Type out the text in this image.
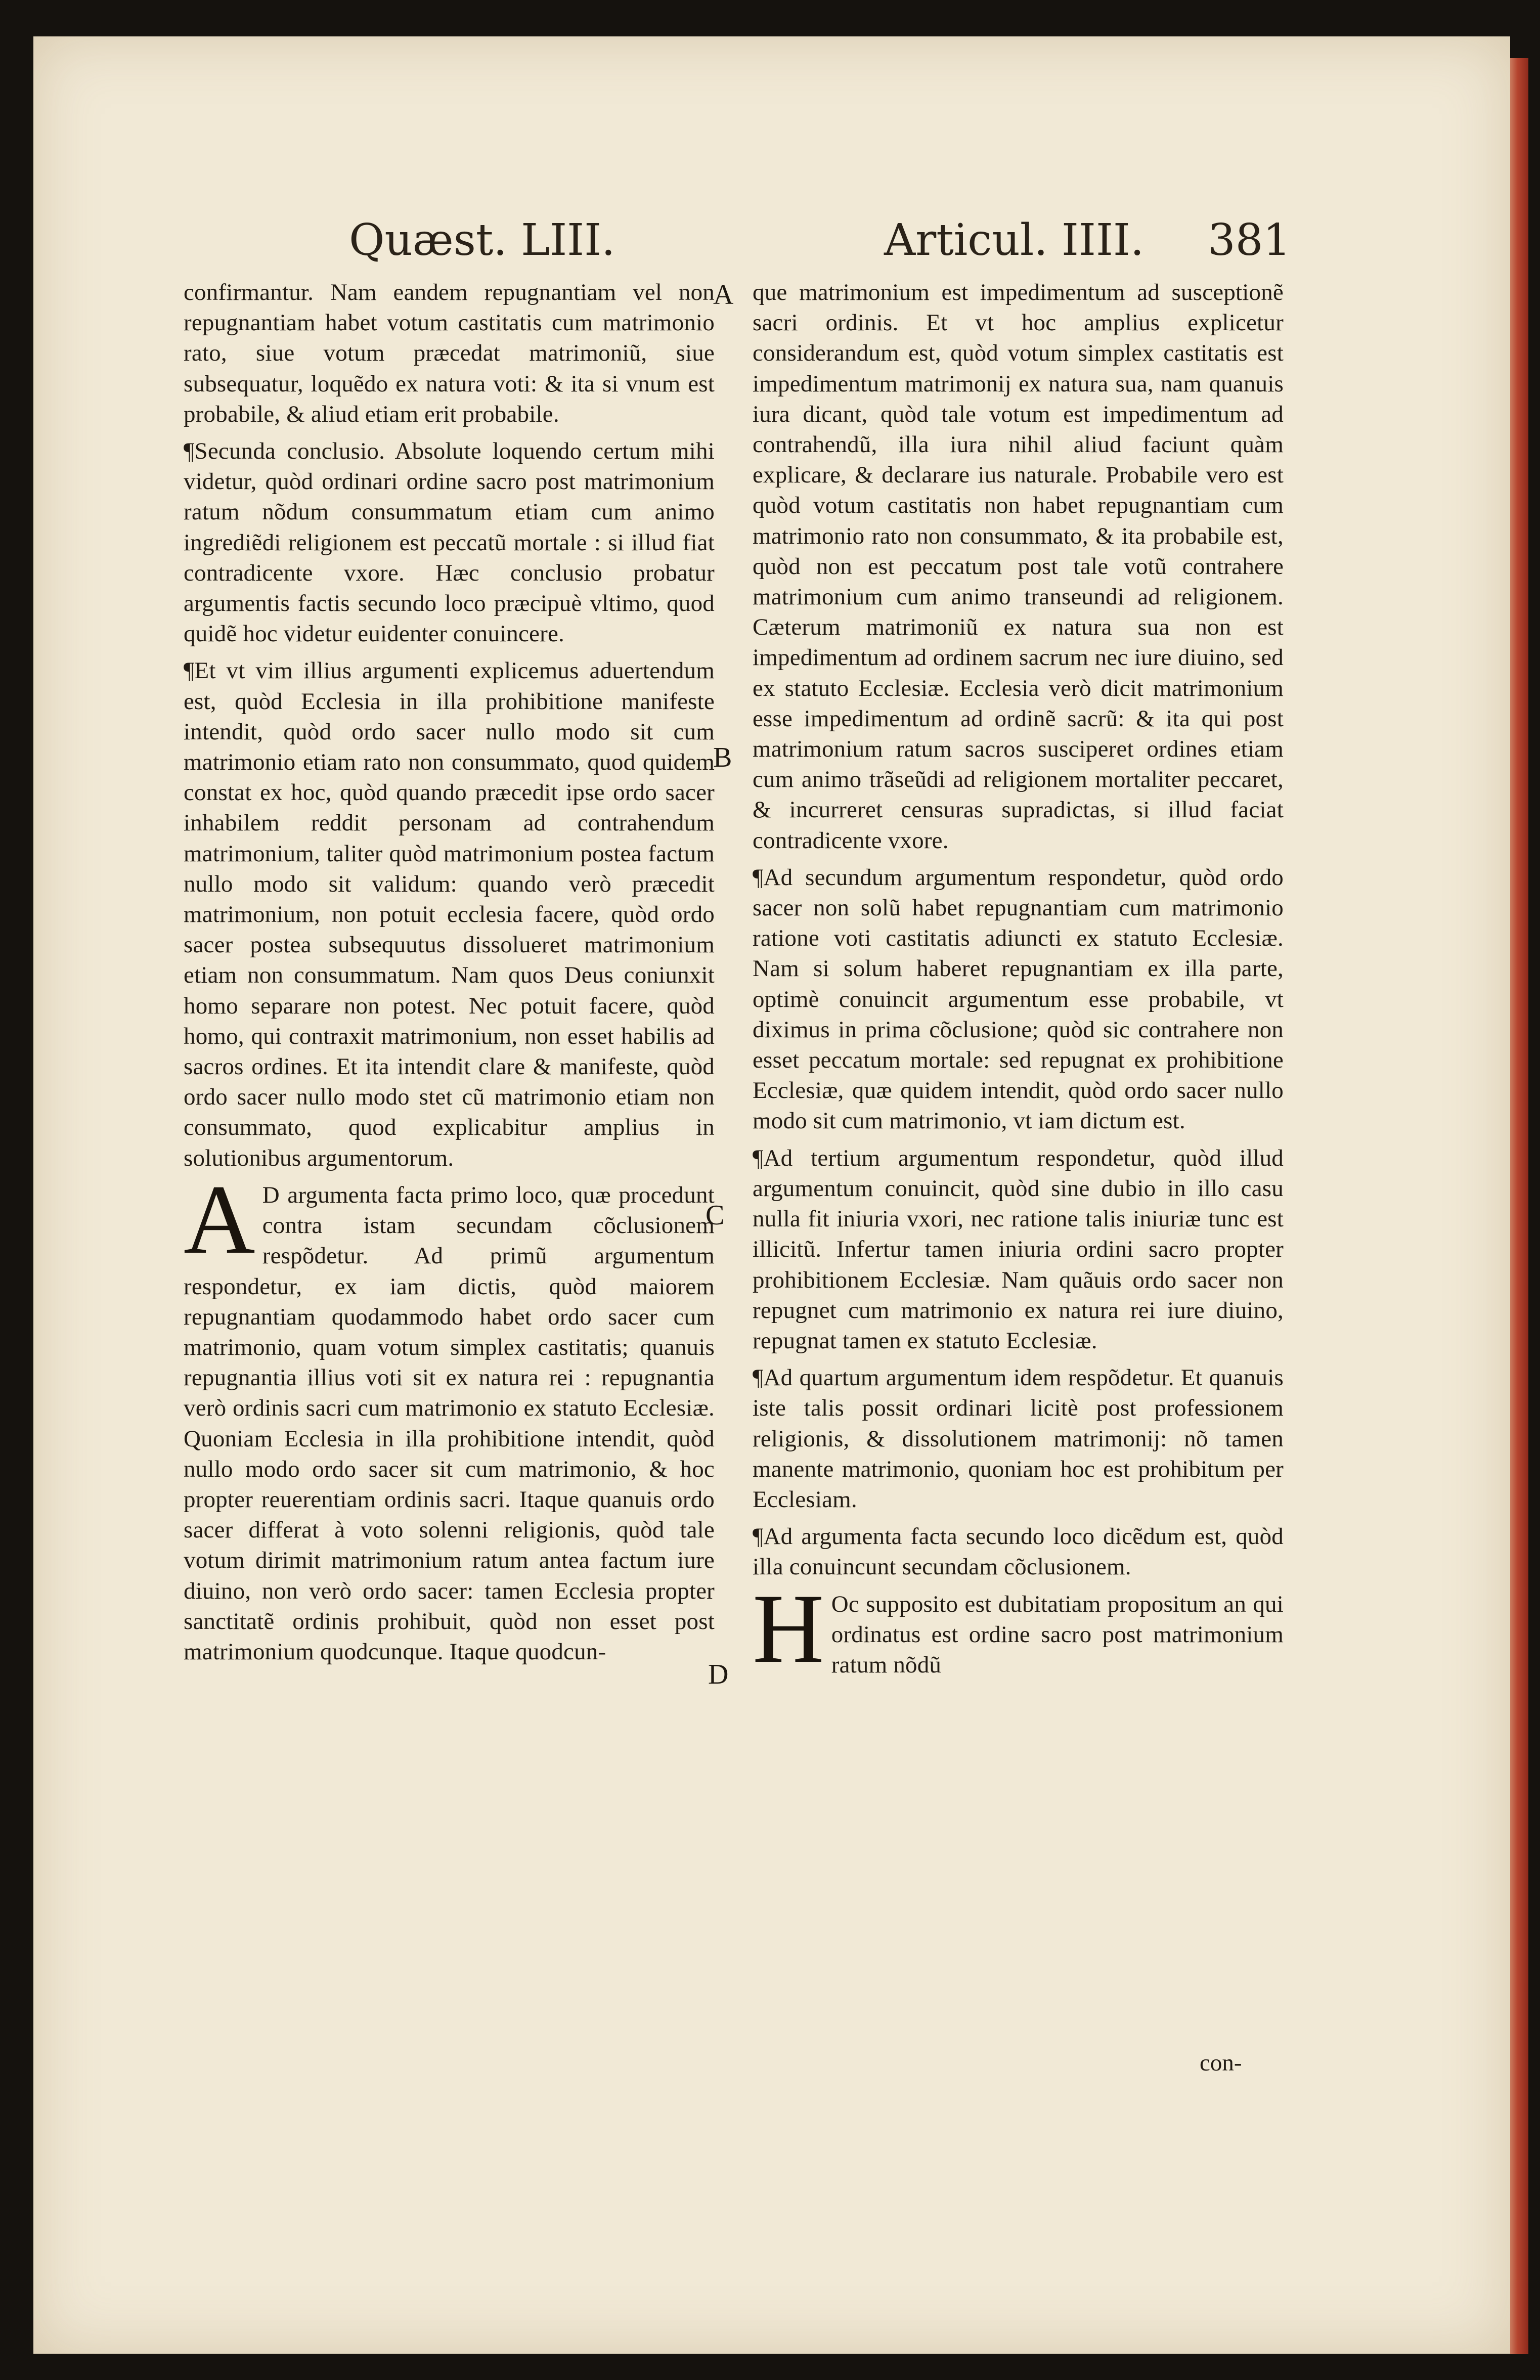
Quæst. LIII.	Articul. IIII. 381
A
B
C
D

confirmantur. Nam eandem repugnantiam vel non repugnantiam habet votum castitatis cum matrimonio rato, siue votum præcedat matrimoniũ, siue subsequatur, loquẽdo ex natura voti: & ita si vnum est probabile, & aliud etiam erit probabile.

¶Secunda conclusio. Absolute loquendo certum mihi videtur, quòd ordinari ordine sacro post matrimonium ratum nõdum consummatum etiam cum animo ingrediẽdi religionem est peccatũ mortale : si illud fiat contradicente vxore. Hæc conclusio probatur argumentis factis secundo loco præcipuè vltimo, quod quidẽ hoc videtur euidenter conuincere.

¶Et vt vim illius argumenti explicemus aduertendum est, quòd Ecclesia in illa prohibitione manifeste intendit, quòd ordo sacer nullo modo sit cum matrimonio etiam rato non consummato, quod quidem constat ex hoc, quòd quando præcedit ipse ordo sacer inhabilem reddit personam ad contrahendum matrimonium, taliter quòd matrimonium postea factum nullo modo sit validum: quando verò præcedit matrimonium, non potuit ecclesia facere, quòd ordo sacer postea subsequutus dissolueret matrimonium etiam non consummatum. Nam quos Deus coniunxit homo separare non potest. Nec potuit facere, quòd homo, qui contraxit matrimonium, non esset habilis ad sacros ordines. Et ita intendit clare & manifeste, quòd ordo sacer nullo modo stet cũ matrimonio etiam non consummato, quod explicabitur amplius in solutionibus argumentorum.

A D argumenta facta primo loco, quæ procedunt contra istam secundam cõclusionem respõdetur. Ad primũ argumentum respondetur, ex iam dictis, quòd maiorem repugnantiam quodammodo habet ordo sacer cum matrimonio, quam votum simplex castitatis; quanuis repugnantia illius voti sit ex natura rei : repugnantia verò ordinis sacri cum matrimonio ex statuto Ecclesiæ. Quoniam Ecclesia in illa prohibitione intendit, quòd nullo modo ordo sacer sit cum matrimonio, & hoc propter reuerentiam ordinis sacri. Itaque quanuis ordo sacer differat à voto solenni religionis, quòd tale votum dirimit matrimonium ratum antea factum iure diuino, non verò ordo sacer: tamen Ecclesia propter sanctitatẽ ordinis prohibuit, quòd non esset post matrimonium quodcunque. Itaque quodcun-

que matrimonium est impedimentum ad susceptionẽ sacri ordinis. Et vt hoc amplius explicetur considerandum est, quòd votum simplex castitatis est impedimentum matrimonij ex natura sua, nam quanuis iura dicant, quòd tale votum est impedimentum ad contrahendũ, illa iura nihil aliud faciunt quàm explicare, & declarare ius naturale. Probabile vero est quòd votum castitatis non habet repugnantiam cum matrimonio rato non consummato, & ita probabile est, quòd non est peccatum post tale votũ contrahere matrimonium cum animo transeundi ad religionem. Cæterum matrimoniũ ex natura sua non est impedimentum ad ordinem sacrum nec iure diuino, sed ex statuto Ecclesiæ. Ecclesia verò dicit matrimonium esse impedimentum ad ordinẽ sacrũ: & ita qui post matrimonium ratum sacros susciperet ordines etiam cum animo trãseũdi ad religionem mortaliter peccaret, & incurreret censuras supradictas, si illud faciat contradicente vxore.

¶Ad secundum argumentum respondetur, quòd ordo sacer non solũ habet repugnantiam cum matrimonio ratione voti castitatis adiuncti ex statuto Ecclesiæ. Nam si solum haberet repugnantiam ex illa parte, optimè conuincit argumentum esse probabile, vt diximus in prima cõclusione; quòd sic contrahere non esset peccatum mortale: sed repugnat ex prohibitione Ecclesiæ, quæ quidem intendit, quòd ordo sacer nullo modo sit cum matrimonio, vt iam dictum est.

¶Ad tertium argumentum respondetur, quòd illud argumentum conuincit, quòd sine dubio in illo casu nulla fit iniuria vxori, nec ratione talis iniuriæ tunc est illicitũ. Infertur tamen iniuria ordini sacro propter prohibitionem Ecclesiæ. Nam quãuis ordo sacer non repugnet cum matrimonio ex natura rei iure diuino, repugnat tamen ex statuto Ecclesiæ.

¶Ad quartum argumentum idem respõdetur. Et quanuis iste talis possit ordinari licitè post professionem religionis, & dissolutionem matrimonij: nõ tamen manente matrimonio, quoniam hoc est prohibitum per Ecclesiam.

¶Ad argumenta facta secundo loco dicẽdum est, quòd illa conuincunt secundam cõclusionem.

H Oc supposito est dubitatiam propositum an qui ordinatus est ordine sacro post matrimonium ratum nõdũ

con-
